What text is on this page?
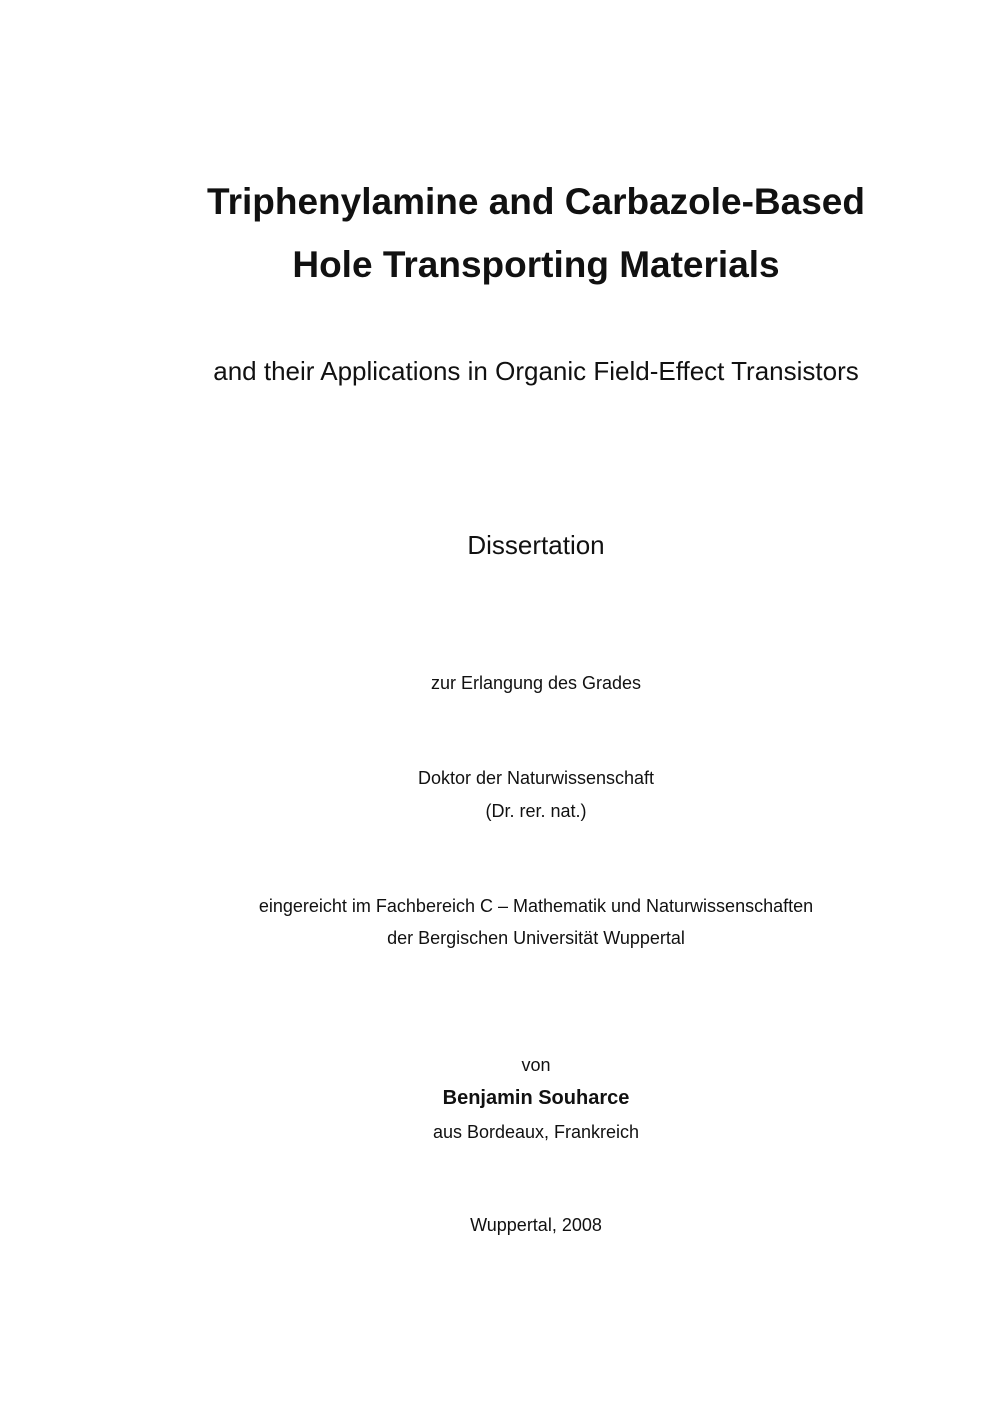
Triphenylamine and Carbazole-Based
Hole Transporting Materials
and their Applications in Organic Field-Effect Transistors
Dissertation
zur Erlangung des Grades
Doktor der Naturwissenschaft
(Dr. rer. nat.)
eingereicht im Fachbereich C – Mathematik und Naturwissenschaften
der Bergischen Universität Wuppertal
von
Benjamin Souharce
aus Bordeaux, Frankreich
Wuppertal, 2008
